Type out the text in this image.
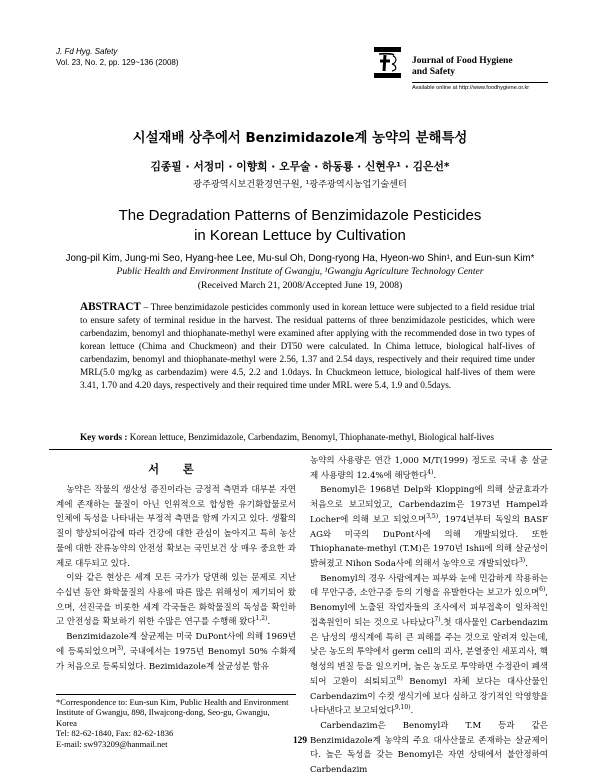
J. Fd Hyg. Safety
Vol. 23, No. 2, pp. 129~136 (2008)	Journal of Food Hygiene
and Safety
Available online at http://www.foodhygiene.or.kr
시설재배 상추에서 Benzimidazole계 농약의 분해특성
김종필 · 서정미 · 이향희 · 오무술 · 하동룡 · 신현우¹ · 김은선*
광주광역시보건환경연구원, ¹광주광역시농업기술센터
The Degradation Patterns of Benzimidazole Pesticides
in Korean Lettuce by Cultivation
Jong-pil Kim, Jung-mi Seo, Hyang-hee Lee, Mu-sul Oh, Dong-ryong Ha, Hyeon-wo Shin¹, and Eun-sun Kim*
Public Health and Environment Institute of Gwangju, ¹Gwangju Agriculture Technology Center
(Received March 21, 2008/Accepted June 19, 2008)
ABSTRACT – Three benzimidazole pesticides commonly used in korean lettuce were subjected to a field residue trial to ensure safety of terminal residue in the harvest. The residual patterns of three benzimidazole pesticides, which were carbendazim, benomyl and thiophanate-methyl were examined after applying with the recommended dose in two types of korean lettuce (Chima and Chuckmeon) and their DT50 were calculated. In Chima lettuce, biological half-lives of carbendazim, benomyl and thiophanate-methyl were 2.56, 1.37 and 2.54 days, respectively and their required time under MRL(5.0 mg/kg as carbendazim) were 4.5, 2.2 and 1.0days. In Chuckmeon lettuce, biological half-lives of them were 3.41, 1.70 and 4.20 days, respectively and their required time under MRL were 5.4, 1.9 and 0.5days.
Key words : Korean lettuce, Benzimidazole, Carbendazim, Benomyl, Thiophanate-methyl, Biological half-lives
서 론

농약은 작물의 생산성 증진이라는 긍정적 측면과 대부분 자연계에 존재하는 물질이 아닌 인위적으로 합성한 유기화합물로서 인체에 독성을 나타내는 부정적 측면을 함께 가지고 있다. 생활의 질이 향상되어감에 따라 건강에 대한 관심이 높아지고 특히 농산물에 대한 잔류농약의 안전성 확보는 국민보건 상 매우 중요한 과제로 대두되고 있다.

이와 같은 현상은 세계 모든 국가가 당면해 있는 문제로 지난 수십년 동안 화학물질의 사용에 따른 많은 위해성이 제기되어 왔으며, 선진국을 비롯한 세계 각국들은 화학물질의 독성을 확인하고 안전성을 확보하기 위한 수많은 연구를 수행해 왔다$^{1,2)}$.

Benzimidazole계 살균제는 미국 DuPont사에 의해 1969년에 등록되었으며$^{3)}$, 국내에서는 1975년 Benomyl 50% 수화제가 처음으로 등록되었다. Bezimidazole계 살균성분 함유

*Correspondence to: Eun-sun Kim, Public Health and Environment
Institute of Gwangju, 898, Ilwajcong-dong, Seo-gu, Gwangju,
Korea
Tel: 82-62-1840, Fax: 82-62-1836
E-mail: sw973209@hanmail.net

농약의 사용량은 연간 1,000 M/T(1999) 정도로 국내 총 살균제 사용량의 12.4%에 해당한다$^{4)}$.

Benomyl은 1968년 Delp와 Klopping에 의해 살균효과가 처음으로 보고되었고, Carbendazim은 1973년 Hampel과 Locher에 의해 보고 되었으며$^{3,5)}$, 1974년부터 독일의 BASF AG와 미국의 DuPont사에 의해 개발되었다. 또한 Thiophanate-methyl (T.M)은 1970년 Ishii에 의해 살균성이 밝혀졌고 Nihon Soda사에 의해서 농약으로 개발되었다$^{3)}$.

Benomyl의 경우 사람에게는 피부와 눈에 민감하게 작용하는데 무안구증, 소안구증 등의 기형을 유발한다는 보고가 있으며$^{6)}$, Benomyl에 노출된 작업자들의 조사에서 피부접촉이 일차적인 접촉원인이 되는 것으로 나타났다$^{7)}$.첫 대사물인 Carbendazim은 남성의 생식계에 특히 큰 피해를 주는 것으로 알려져 있는데, 낮은 농도의 투약에서 germ cell의 괴사, 분열중인 세포괴사, 핵형성의 변질 등을 일으키며, 높은 농도로 투약하면 수정관이 폐색되어 고환이 쇠퇴되고$^{8)}$ Benomyl 자체 보다는 대사산물인 Carbendazim이 수컷 생식기에 보다 심하고 장기적인 악영향을 나타낸다고 보고되었다$^{9,10)}$.

Carbendazim은 Benomyl과 T.M 등과 같은 Benzimidazole계 농약의 주요 대사산물로 존재하는 살균제이다. 높은 독성을 갖는 Benomyl은 자연 상태에서 불안정하여 Carbendazim

129
